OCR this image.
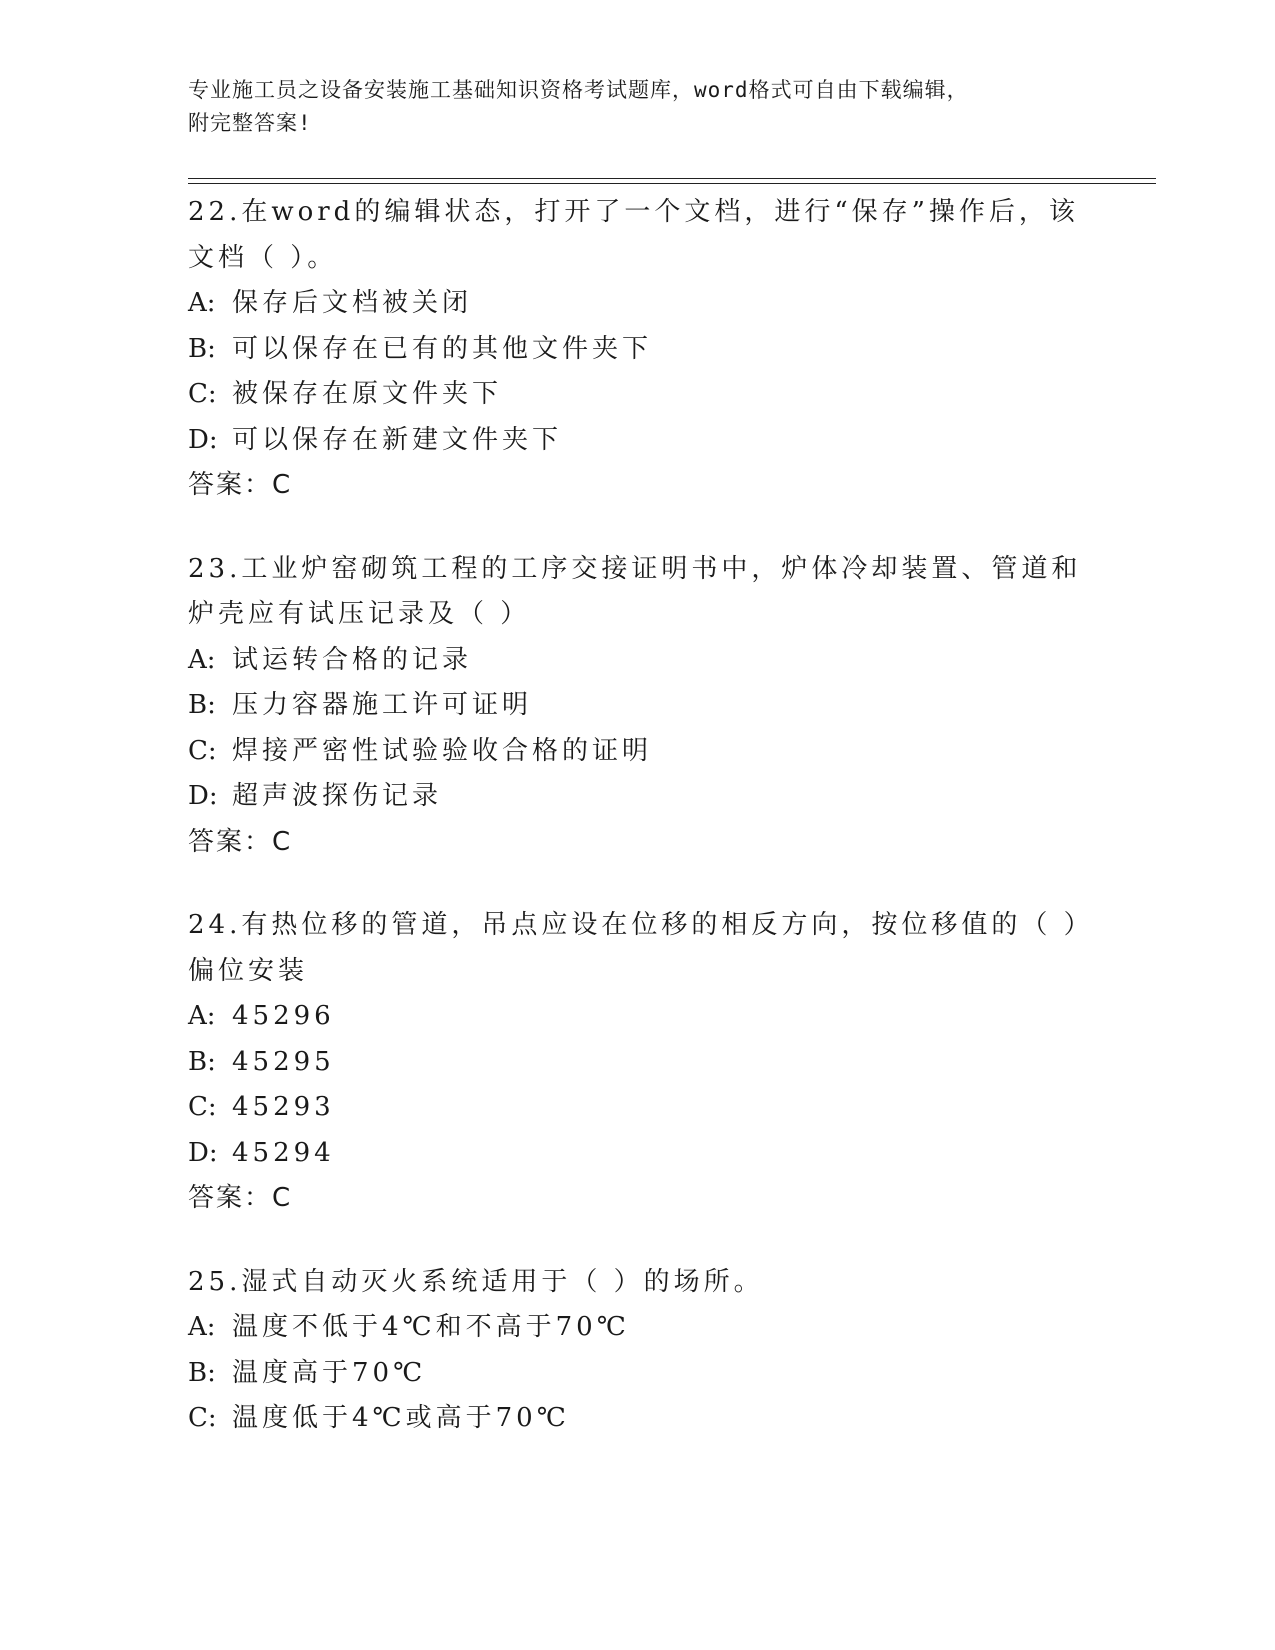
专业施工员之设备安装施工基础知识资格考试题库，word格式可自由下载编辑，
附完整答案!
22.在word的编辑状态，打开了一个文档，进行“保存”操作后，该文档（ ）。
A: 保存后文档被关闭
B: 可以保存在已有的其他文件夹下
C: 被保存在原文件夹下
D: 可以保存在新建文件夹下
答案：C
23.工业炉窑砌筑工程的工序交接证明书中，炉体冷却装置、管道和炉壳应有试压记录及（ ）
A: 试运转合格的记录
B: 压力容器施工许可证明
C: 焊接严密性试验验收合格的证明
D: 超声波探伤记录
答案：C
24.有热位移的管道，吊点应设在位移的相反方向，按位移值的（ ）偏位安装
A: 45296
B: 45295
C: 45293
D: 45294
答案：C
25.湿式自动灭火系统适用于（ ）的场所。
A: 温度不低于4℃和不高于70℃
B: 温度高于70℃
C: 温度低于4℃或高于70℃
